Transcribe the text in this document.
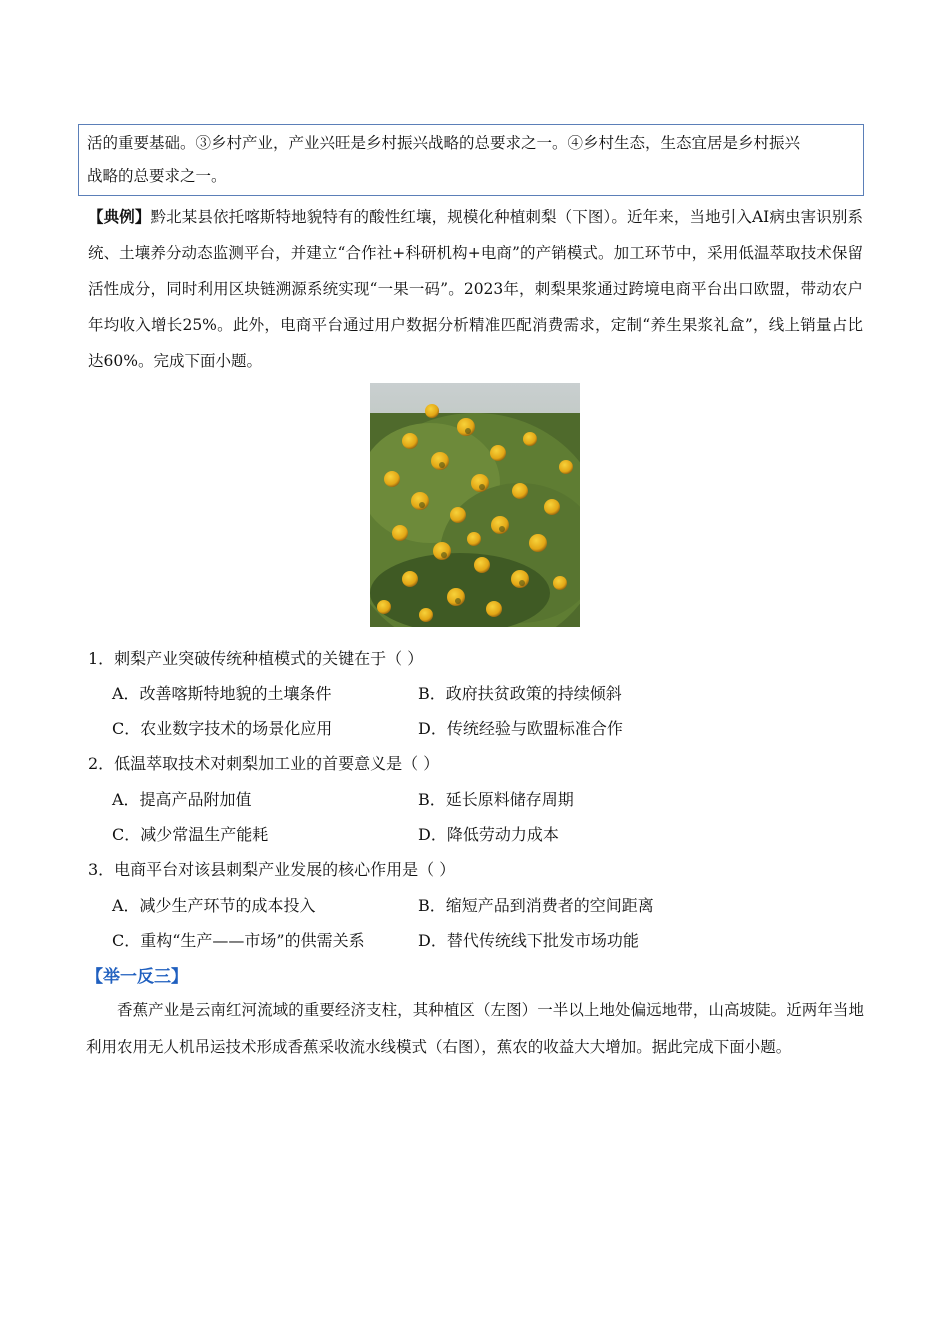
活的重要基础。③乡村产业，产业兴旺是乡村振兴战略的总要求之一。④乡村生态，生态宜居是乡村振兴
战略的总要求之一。
【典例】黔北某县依托喀斯特地貌特有的酸性红壤，规模化种植刺梨（下图）。近年来，当地引入AI病虫害识别系统、土壤养分动态监测平台，并建立“合作社+科研机构+电商”的产销模式。加工环节中，采用低温萃取技术保留活性成分，同时利用区块链溯源系统实现“一果一码”。2023年，刺梨果浆通过跨境电商平台出口欧盟，带动农户年均收入增长25%。此外，电商平台通过用户数据分析精准匹配消费需求，定制“养生果浆礼盒”，线上销量占比达60%。完成下面小题。
1．刺梨产业突破传统种植模式的关键在于（ ）
A．改善喀斯特地貌的土壤条件	B．政府扶贫政策的持续倾斜
C．农业数字技术的场景化应用	D．传统经验与欧盟标准合作
2．低温萃取技术对刺梨加工业的首要意义是（ ）
A．提高产品附加值	B．延长原料储存周期
C．减少常温生产能耗	D．降低劳动力成本
3．电商平台对该县刺梨产业发展的核心作用是（ ）
A．减少生产环节的成本投入	B．缩短产品到消费者的空间距离
C．重构“生产——市场”的供需关系	D．替代传统线下批发市场功能
【举一反三】
香蕉产业是云南红河流域的重要经济支柱，其种植区（左图）一半以上地处偏远地带，山高坡陡。近两年当地利用农用无人机吊运技术形成香蕉采收流水线模式（右图），蕉农的收益大大增加。据此完成下面小题。
